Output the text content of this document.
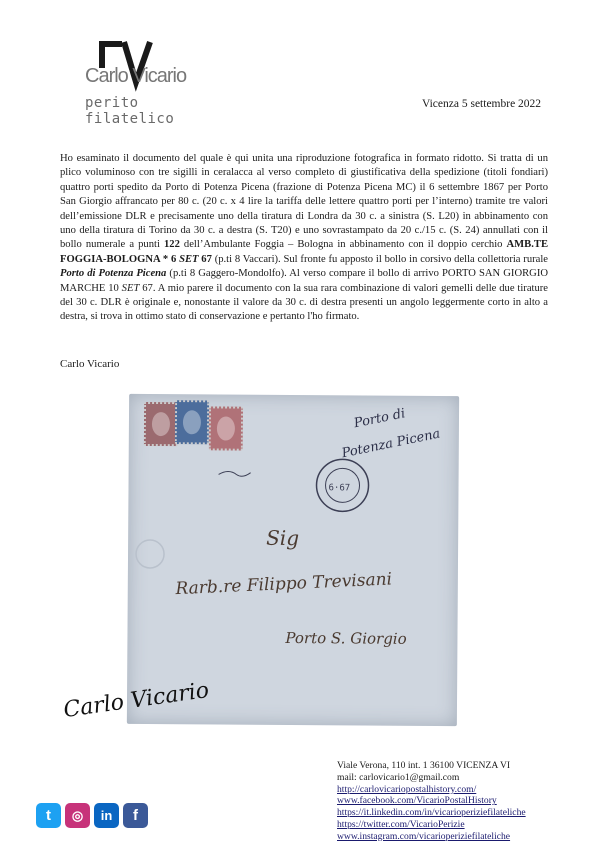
Carlo Vicario
perito filatelico
Vicenza 5 settembre 2022

Ho esaminato il documento del quale è qui unita una riproduzione fotografica in formato ridotto. Si tratta di un plico voluminoso con tre sigilli in ceralacca al verso completo di giustificativa della spedizione (titoli fondiari) quattro porti spedito da Porto di Potenza Picena (frazione di Potenza Picena MC) il 6 settembre 1867 per Porto San Giorgio affrancato per 80 c. (20 c. x 4 lire la tariffa delle lettere quattro porti per l’interno) tramite tre valori dell’emissione DLR e precisamente uno della tiratura di Londra da 30 c. a sinistra (S. L20) in abbinamento con uno della tiratura di Torino da 30 c. a destra (S. T20) e uno sovrastampato da 20 c./15 c. (S. 24) annullati con il bollo numerale a punti 122 dell’Ambulante Foggia – Bologna in abbinamento con il doppio cerchio AMB.TE FOGGIA-BOLOGNA * 6 SET 67 (p.ti 8 Vaccari). Sul fronte fu apposto il bollo in corsivo della collettoria rurale Porto di Potenza Picena (p.ti 8 Gaggero-Mondolfo). Al verso compare il bollo di arrivo PORTO SAN GIORGIO MARCHE 10 SET 67. A mio parere il documento con la sua rara combinazione di valori gemelli delle due tirature del 30 c. DLR è originale e, nonostante il valore da 30 c. di destra presenti un angolo leggermente corto in alto a destra, si trova in ottimo stato di conservazione e pertanto l'ho firmato.

Carlo Vicario
6·67
Porto di
Potenza Picena
Sig
Rarb.re Filippo Trevisani
Porto S. Giorgio
Carlo Vicario
Viale Verona, 110 int. 1 36100 VICENZA VI
mail: carlovicario1@gmail.com
http://carlovicariopostalhistory.com/
www.facebook.com/VicarioPostalHistory
https://it.linkedin.com/in/vicarioperiziefilateliche
https://twitter.com/VicarioPerizie
www.instagram.com/vicarioperiziefilateliche
t	◎	in	f
